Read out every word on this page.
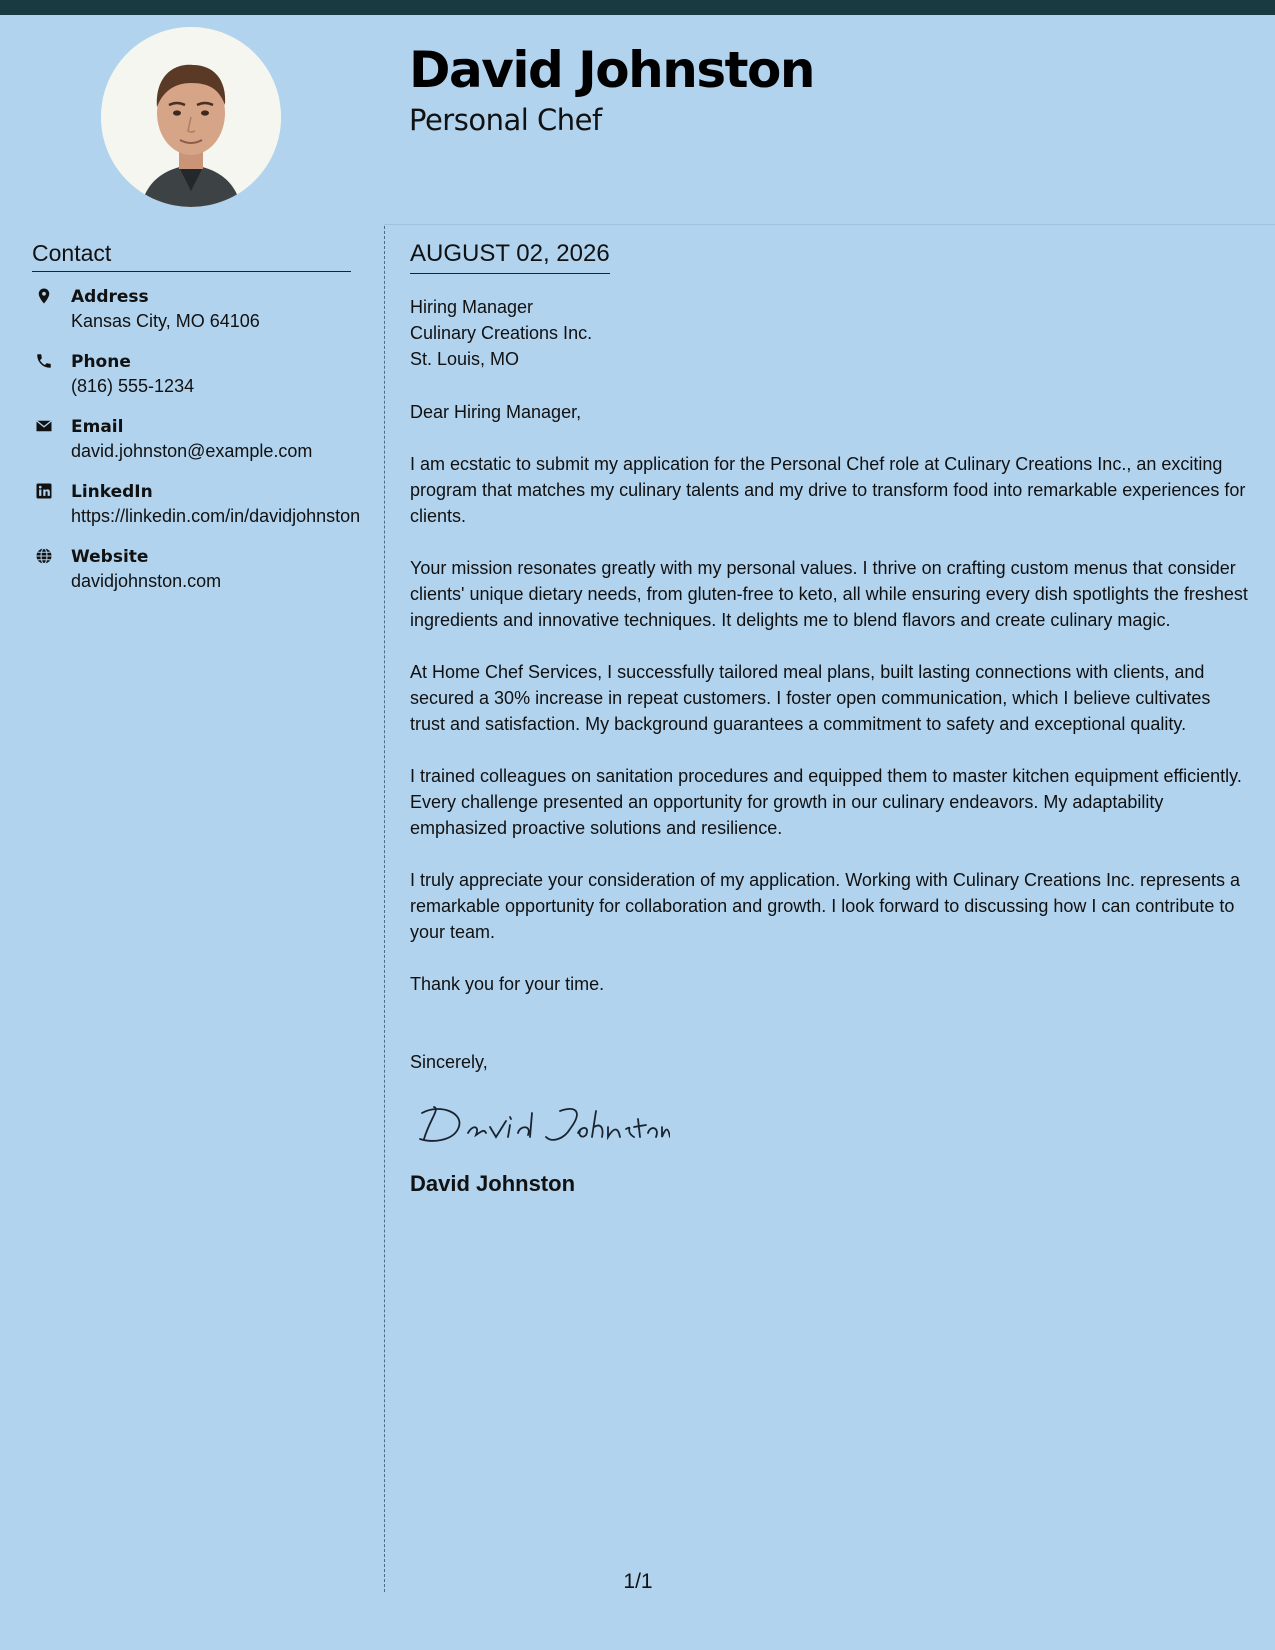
David Johnston
Personal Chef
Contact
Address
Kansas City, MO 64106
Phone
(816) 555-1234
Email
david.johnston@example.com
LinkedIn
https://linkedin.com/in/davidjohnston
Website
davidjohnston.com
AUGUST 02, 2026
Hiring Manager
Culinary Creations Inc.
St. Louis, MO
Dear Hiring Manager,
I am ecstatic to submit my application for the Personal Chef role at Culinary Creations Inc., an exciting program that matches my culinary talents and my drive to transform food into remarkable experiences for clients.
Your mission resonates greatly with my personal values. I thrive on crafting custom menus that consider clients' unique dietary needs, from gluten-free to keto, all while ensuring every dish spotlights the freshest ingredients and innovative techniques. It delights me to blend flavors and create culinary magic.
At Home Chef Services, I successfully tailored meal plans, built lasting connections with clients, and secured a 30% increase in repeat customers. I foster open communication, which I believe cultivates trust and satisfaction. My background guarantees a commitment to safety and exceptional quality.
I trained colleagues on sanitation procedures and equipped them to master kitchen equipment efficiently. Every challenge presented an opportunity for growth in our culinary endeavors. My adaptability emphasized proactive solutions and resilience.
I truly appreciate your consideration of my application. Working with Culinary Creations Inc. represents a remarkable opportunity for collaboration and growth. I look forward to discussing how I can contribute to your team.
Thank you for your time.
Sincerely,
David Johnston
1/1
